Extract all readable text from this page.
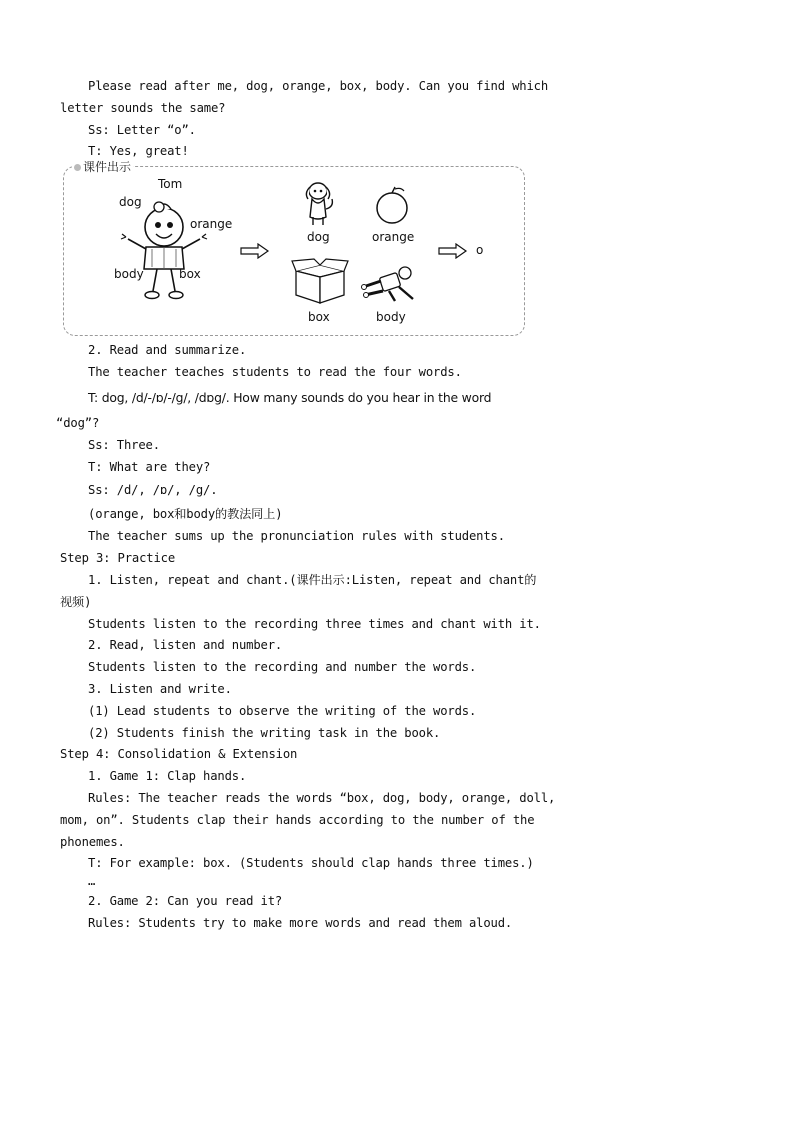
Please read after me, dog, orange, box, body. Can you find which
letter sounds the same?
Ss: Letter “o”.
T: Yes, great!
课件出示
Tom
dog
orange
body	box
dog	orange
box	body
o
2. Read and summarize.
The teacher teaches students to read the four words.
T: dog, /d/-/ɒ/-/g/, /dɒg/. How many sounds do you hear in the word
“dog”?
Ss: Three.
T: What are they?
Ss: /d/, /ɒ/, /g/.
(orange, box和body的教法同上)
The teacher sums up the pronunciation rules with students.
Step 3: Practice
1. Listen, repeat and chant.(课件出示:Listen, repeat and chant的
视频)
Students listen to the recording three times and chant with it.
2. Read, listen and number.
Students listen to the recording and number the words.
3. Listen and write.
(1) Lead students to observe the writing of the words.
(2) Students finish the writing task in the book.
Step 4: Consolidation & Extension
1. Game 1: Clap hands.
Rules: The teacher reads the words “box, dog, body, orange, doll,
mom, on”. Students clap their hands according to the number of the
phonemes.
T: For example: box. (Students should clap hands three times.)
…
2. Game 2: Can you read it?
Rules: Students try to make more words and read them aloud.
